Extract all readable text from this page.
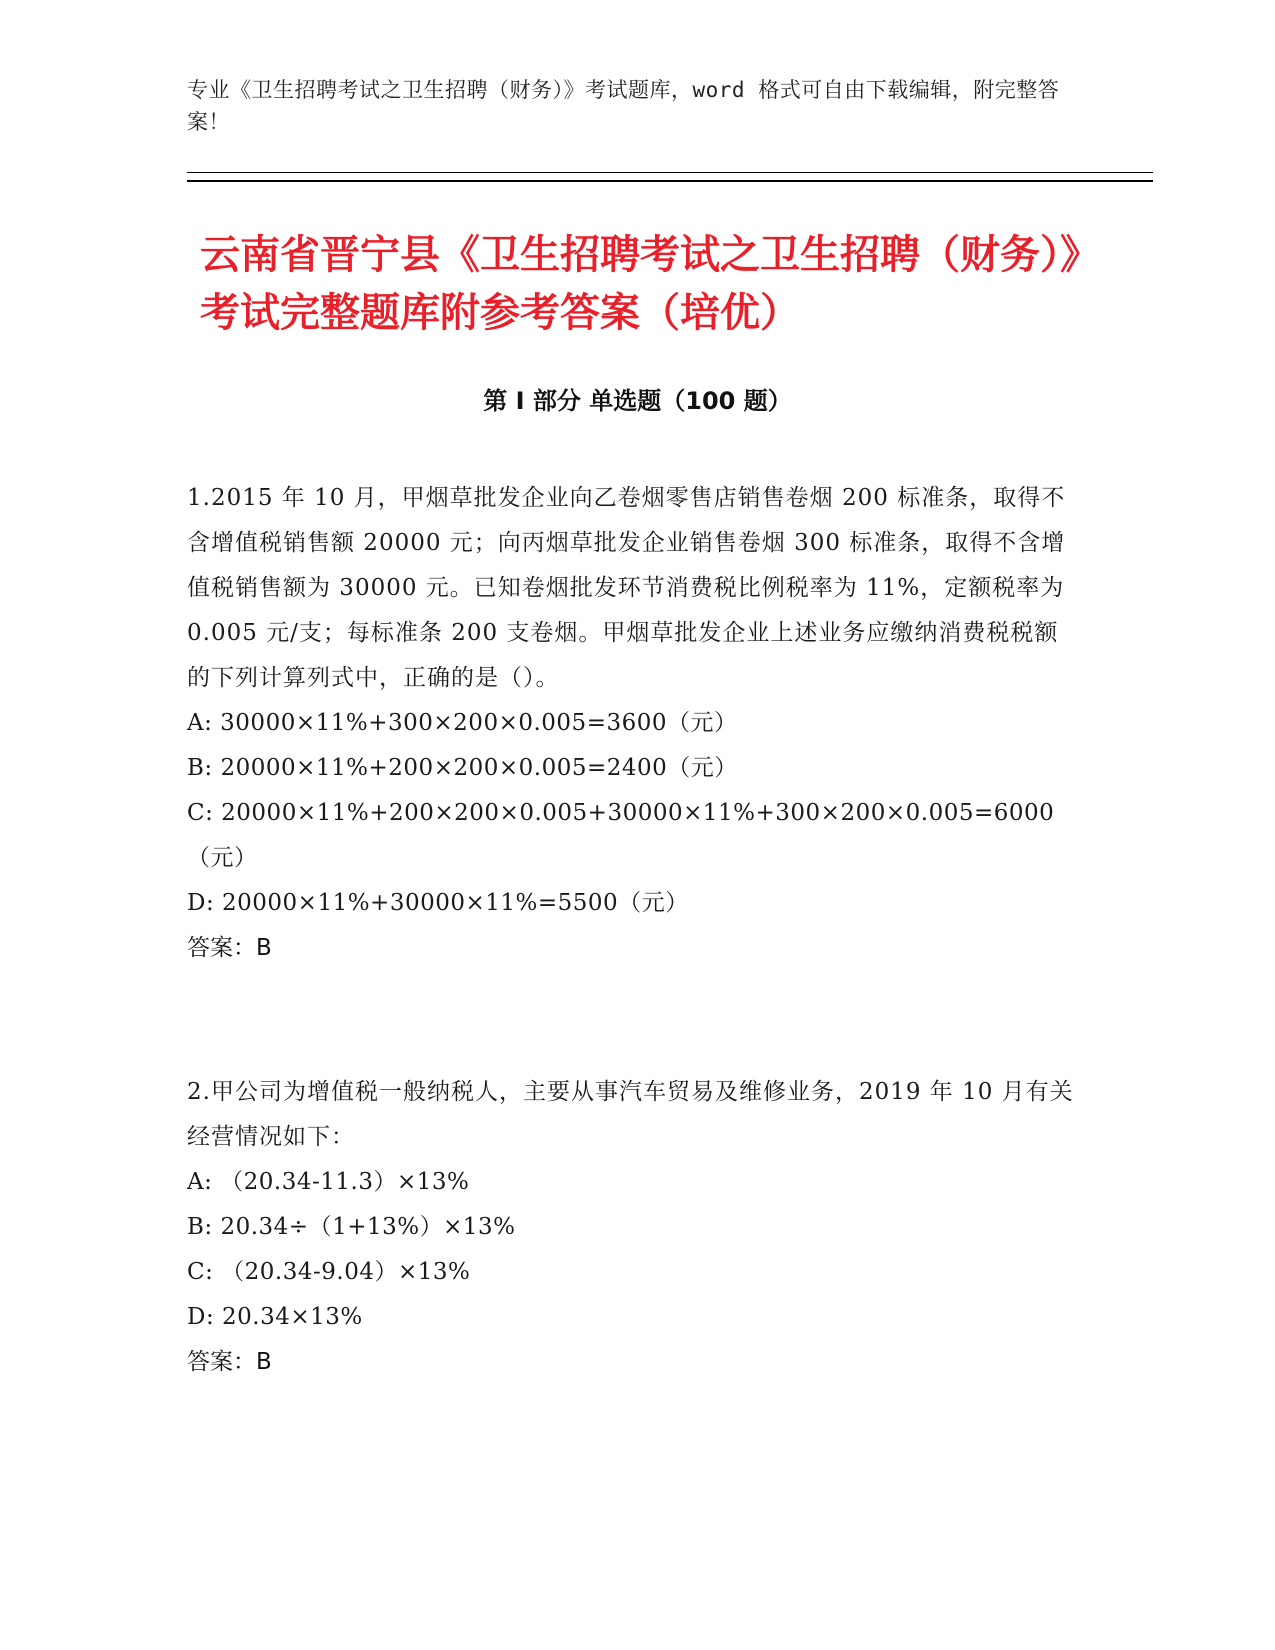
专业《卫生招聘考试之卫生招聘（财务）》考试题库，word 格式可自由下载编辑，附完整答案！
云南省晋宁县《卫生招聘考试之卫生招聘（财务）》考试完整题库附参考答案（培优）
第 I 部分 单选题（100 题）
1.2015 年 10 月，甲烟草批发企业向乙卷烟零售店销售卷烟 200 标准条，取得不含增值税销售额 20000 元；向丙烟草批发企业销售卷烟 300 标准条，取得不含增值税销售额为 30000 元。已知卷烟批发环节消费税比例税率为 11%，定额税率为 0.005 元/支；每标准条 200 支卷烟。甲烟草批发企业上述业务应缴纳消费税税额的下列计算列式中，正确的是（）。
A: 30000×11%+300×200×0.005=3600（元）
B: 20000×11%+200×200×0.005=2400（元）
C: 20000×11%+200×200×0.005+30000×11%+300×200×0.005=6000（元）
D: 20000×11%+30000×11%=5500（元）
答案：B
2.甲公司为增值税一般纳税人，主要从事汽车贸易及维修业务，2019 年 10 月有关经营情况如下：
A: （20.34-11.3）×13%
B: 20.34÷（1+13%）×13%
C: （20.34-9.04）×13%
D: 20.34×13%
答案：B
